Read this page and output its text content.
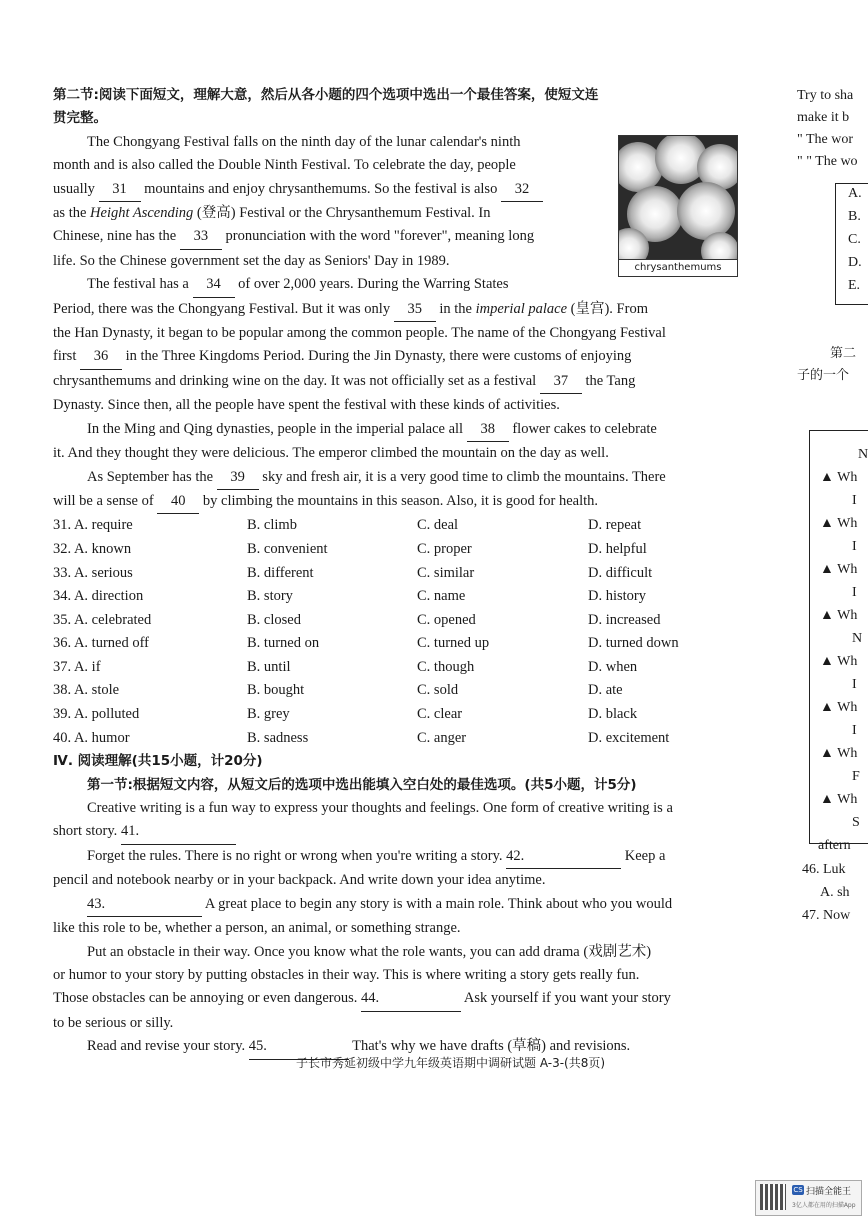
第二节:阅读下面短文，理解大意，然后从各小题的四个选项中选出一个最佳答案，使短文连
贯完整。
The Chongyang Festival falls on the ninth day of the lunar calendar's ninth
month and is also called the Double Ninth Festival. To celebrate the day, people
usually 31 mountains and enjoy chrysanthemums. So the festival is also 32
as the Height Ascending (登高) Festival or the Chrysanthemum Festival. In
Chinese, nine has the 33 pronunciation with the word "forever", meaning long
life. So the Chinese government set the day as Seniors' Day in 1989.
The festival has a 34 of over 2,000 years. During the Warring States
Period, there was the Chongyang Festival. But it was only 35 in the imperial palace (皇宫). From
the Han Dynasty, it began to be popular among the common people. The name of the Chongyang Festival
first 36 in the Three Kingdoms Period. During the Jin Dynasty, there were customs of enjoying
chrysanthemums and drinking wine on the day. It was not officially set as a festival 37 the Tang
Dynasty. Since then, all the people have spent the festival with these kinds of activities.
In the Ming and Qing dynasties, people in the imperial palace all 38 flower cakes to celebrate
it. And they thought they were delicious. The emperor climbed the mountain on the day as well.
As September has the 39 sky and fresh air, it is a very good time to climb the mountains. There
will be a sense of 40 by climbing the mountains in this season. Also, it is good for health.
31. A. require	B. climb	C. deal	D. repeat
32. A. known	B. convenient	C. proper	D. helpful
33. A. serious	B. different	C. similar	D. difficult
34. A. direction	B. story	C. name	D. history
35. A. celebrated	B. closed	C. opened	D. increased
36. A. turned off	B. turned on	C. turned up	D. turned down
37. A. if	B. until	C. though	D. when
38. A. stole	B. bought	C. sold	D. ate
39. A. polluted	B. grey	C. clear	D. black
40. A. humor	B. sadness	C. anger	D. excitement
Ⅳ. 阅读理解(共15小题，计20分)
第一节:根据短文内容，从短文后的选项中选出能填入空白处的最佳选项。(共5小题，计5分)
Creative writing is a fun way to express your thoughts and feelings. One form of creative writing is a
short story. 41.
Forget the rules. There is no right or wrong when you're writing a story. 42.	Keep a
pencil and notebook nearby or in your backpack. And write down your idea anytime.
43.	A great place to begin any story is with a main role. Think about who you would
like this role to be, whether a person, an animal, or something strange.
Put an obstacle in their way. Once you know what the role wants, you can add drama (戏剧艺术)
or humor to your story by putting obstacles in their way. This is where writing a story gets really fun.
Those obstacles can be annoying or even dangerous. 44.	Ask yourself if you want your story
to be serious or silly.
Read and revise your story. 45.	That's why we have drafts (草稿) and revisions.
chrysanthemums
子长市秀延初级中学九年级英语期中调研试题 A-3-(共8页)
Try to sha
make it b
" The wor
" " The wo
A.
B.
C.
D.
E.
第二
子的一个
N
▲ Wh
I
▲ Wh
I
▲ Wh
I
▲ Wh
N
▲ Wh
I
▲ Wh
I
▲ Wh
F
▲ Wh
S
aftern
46. Luk
A. sh
47. Now
CS 扫描全能王
3亿人都在用的扫描App
